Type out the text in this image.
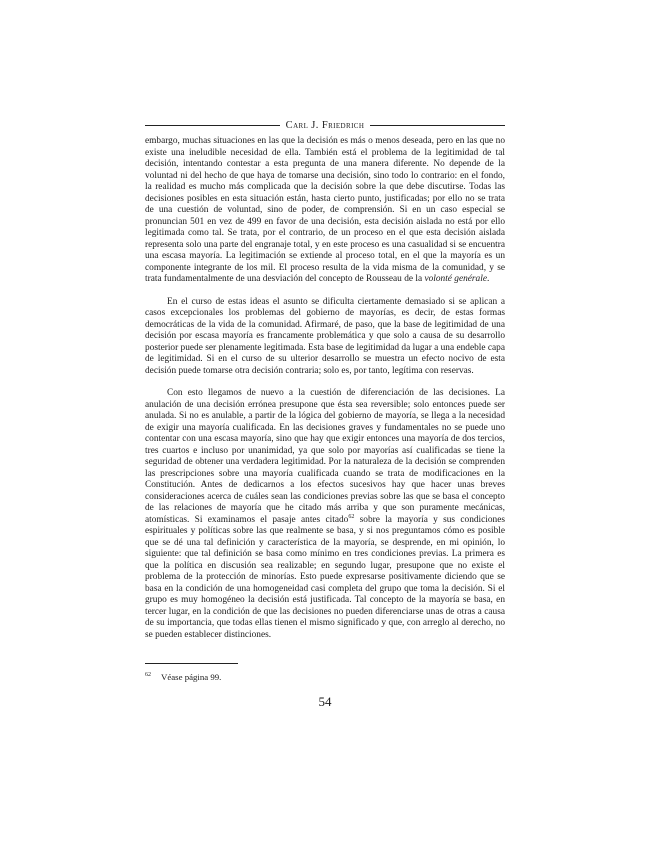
Carl J. Friedrich

embargo, muchas situaciones en las que la decisión es más o menos deseada, pero en las que no existe una ineludible necesidad de ella. También está el problema de la legitimidad de tal decisión, intentando contestar a esta pregunta de una manera diferente. No depende de la voluntad ni del hecho de que haya de tomarse una decisión, sino todo lo contrario: en el fondo, la realidad es mucho más complicada que la decisión sobre la que debe discutirse. Todas las decisiones posibles en esta situación están, hasta cierto punto, justificadas; por ello no se trata de una cuestión de voluntad, sino de poder, de comprensión. Si en un caso especial se pronuncian 501 en vez de 499 en favor de una decisión, esta decisión aislada no está por ello legitimada como tal. Se trata, por el contrario, de un proceso en el que esta decisión aislada representa solo una parte del engranaje total, y en este proceso es una casualidad si se encuentra una escasa mayoría. La legitimación se extiende al proceso total, en el que la mayoría es un componente integrante de los mil. El proceso resulta de la vida misma de la comunidad, y se trata fundamentalmente de una desviación del concepto de Rousseau de la volonté genérale.

En el curso de estas ideas el asunto se dificulta ciertamente demasiado si se aplican a casos excepcionales los problemas del gobierno de mayorías, es decir, de estas formas democráticas de la vida de la comunidad. Afirmaré, de paso, que la base de legitimidad de una decisión por escasa mayoría es francamente problemática y que solo a causa de su desarrollo posterior puede ser plenamente legitimada. Esta base de legitimidad da lugar a una endeble capa de legitimidad. Si en el curso de su ulterior desarrollo se muestra un efecto nocivo de esta decisión puede tomarse otra decisión contraria; solo es, por tanto, legítima con reservas.

Con esto llegamos de nuevo a la cuestión de diferenciación de las decisiones. La anulación de una decisión errónea presupone que ésta sea reversible; solo entonces puede ser anulada. Si no es anulable, a partir de la lógica del gobierno de mayoría, se llega a la necesidad de exigir una mayoría cualificada. En las decisiones graves y fundamentales no se puede uno contentar con una escasa mayoría, sino que hay que exigir entonces una mayoría de dos tercios, tres cuartos e incluso por unanimidad, ya que solo por mayorías así cualificadas se tiene la seguridad de obtener una verdadera legitimidad. Por la naturaleza de la decisión se comprenden las prescripciones sobre una mayoría cualificada cuando se trata de modificaciones en la Constitución. Antes de dedicarnos a los efectos sucesivos hay que hacer unas breves consideraciones acerca de cuáles sean las condiciones previas sobre las que se basa el concepto de las relaciones de mayoría que he citado más arriba y que son puramente mecánicas, atomísticas. Si examinamos el pasaje antes citado$^{62}$ sobre la mayoría y sus condiciones espirituales y políticas sobre las que realmente se basa, y si nos preguntamos cómo es posible que se dé una tal definición y característica de la mayoría, se desprende, en mi opinión, lo siguiente: que tal definición se basa como mínimo en tres condiciones previas. La primera es que la política en discusión sea realizable; en segundo lugar, presupone que no existe el problema de la protección de minorías. Esto puede expresarse positivamente diciendo que se basa en la condición de una homogeneidad casi completa del grupo que toma la decisión. Si el grupo es muy homogéneo la decisión está justificada. Tal concepto de la mayoría se basa, en tercer lugar, en la condición de que las decisiones no pueden diferenciarse unas de otras a causa de su importancia, que todas ellas tienen el mismo significado y que, con arreglo al derecho, no se pueden establecer distinciones.

$^{62}$ Véase página 99.
54
